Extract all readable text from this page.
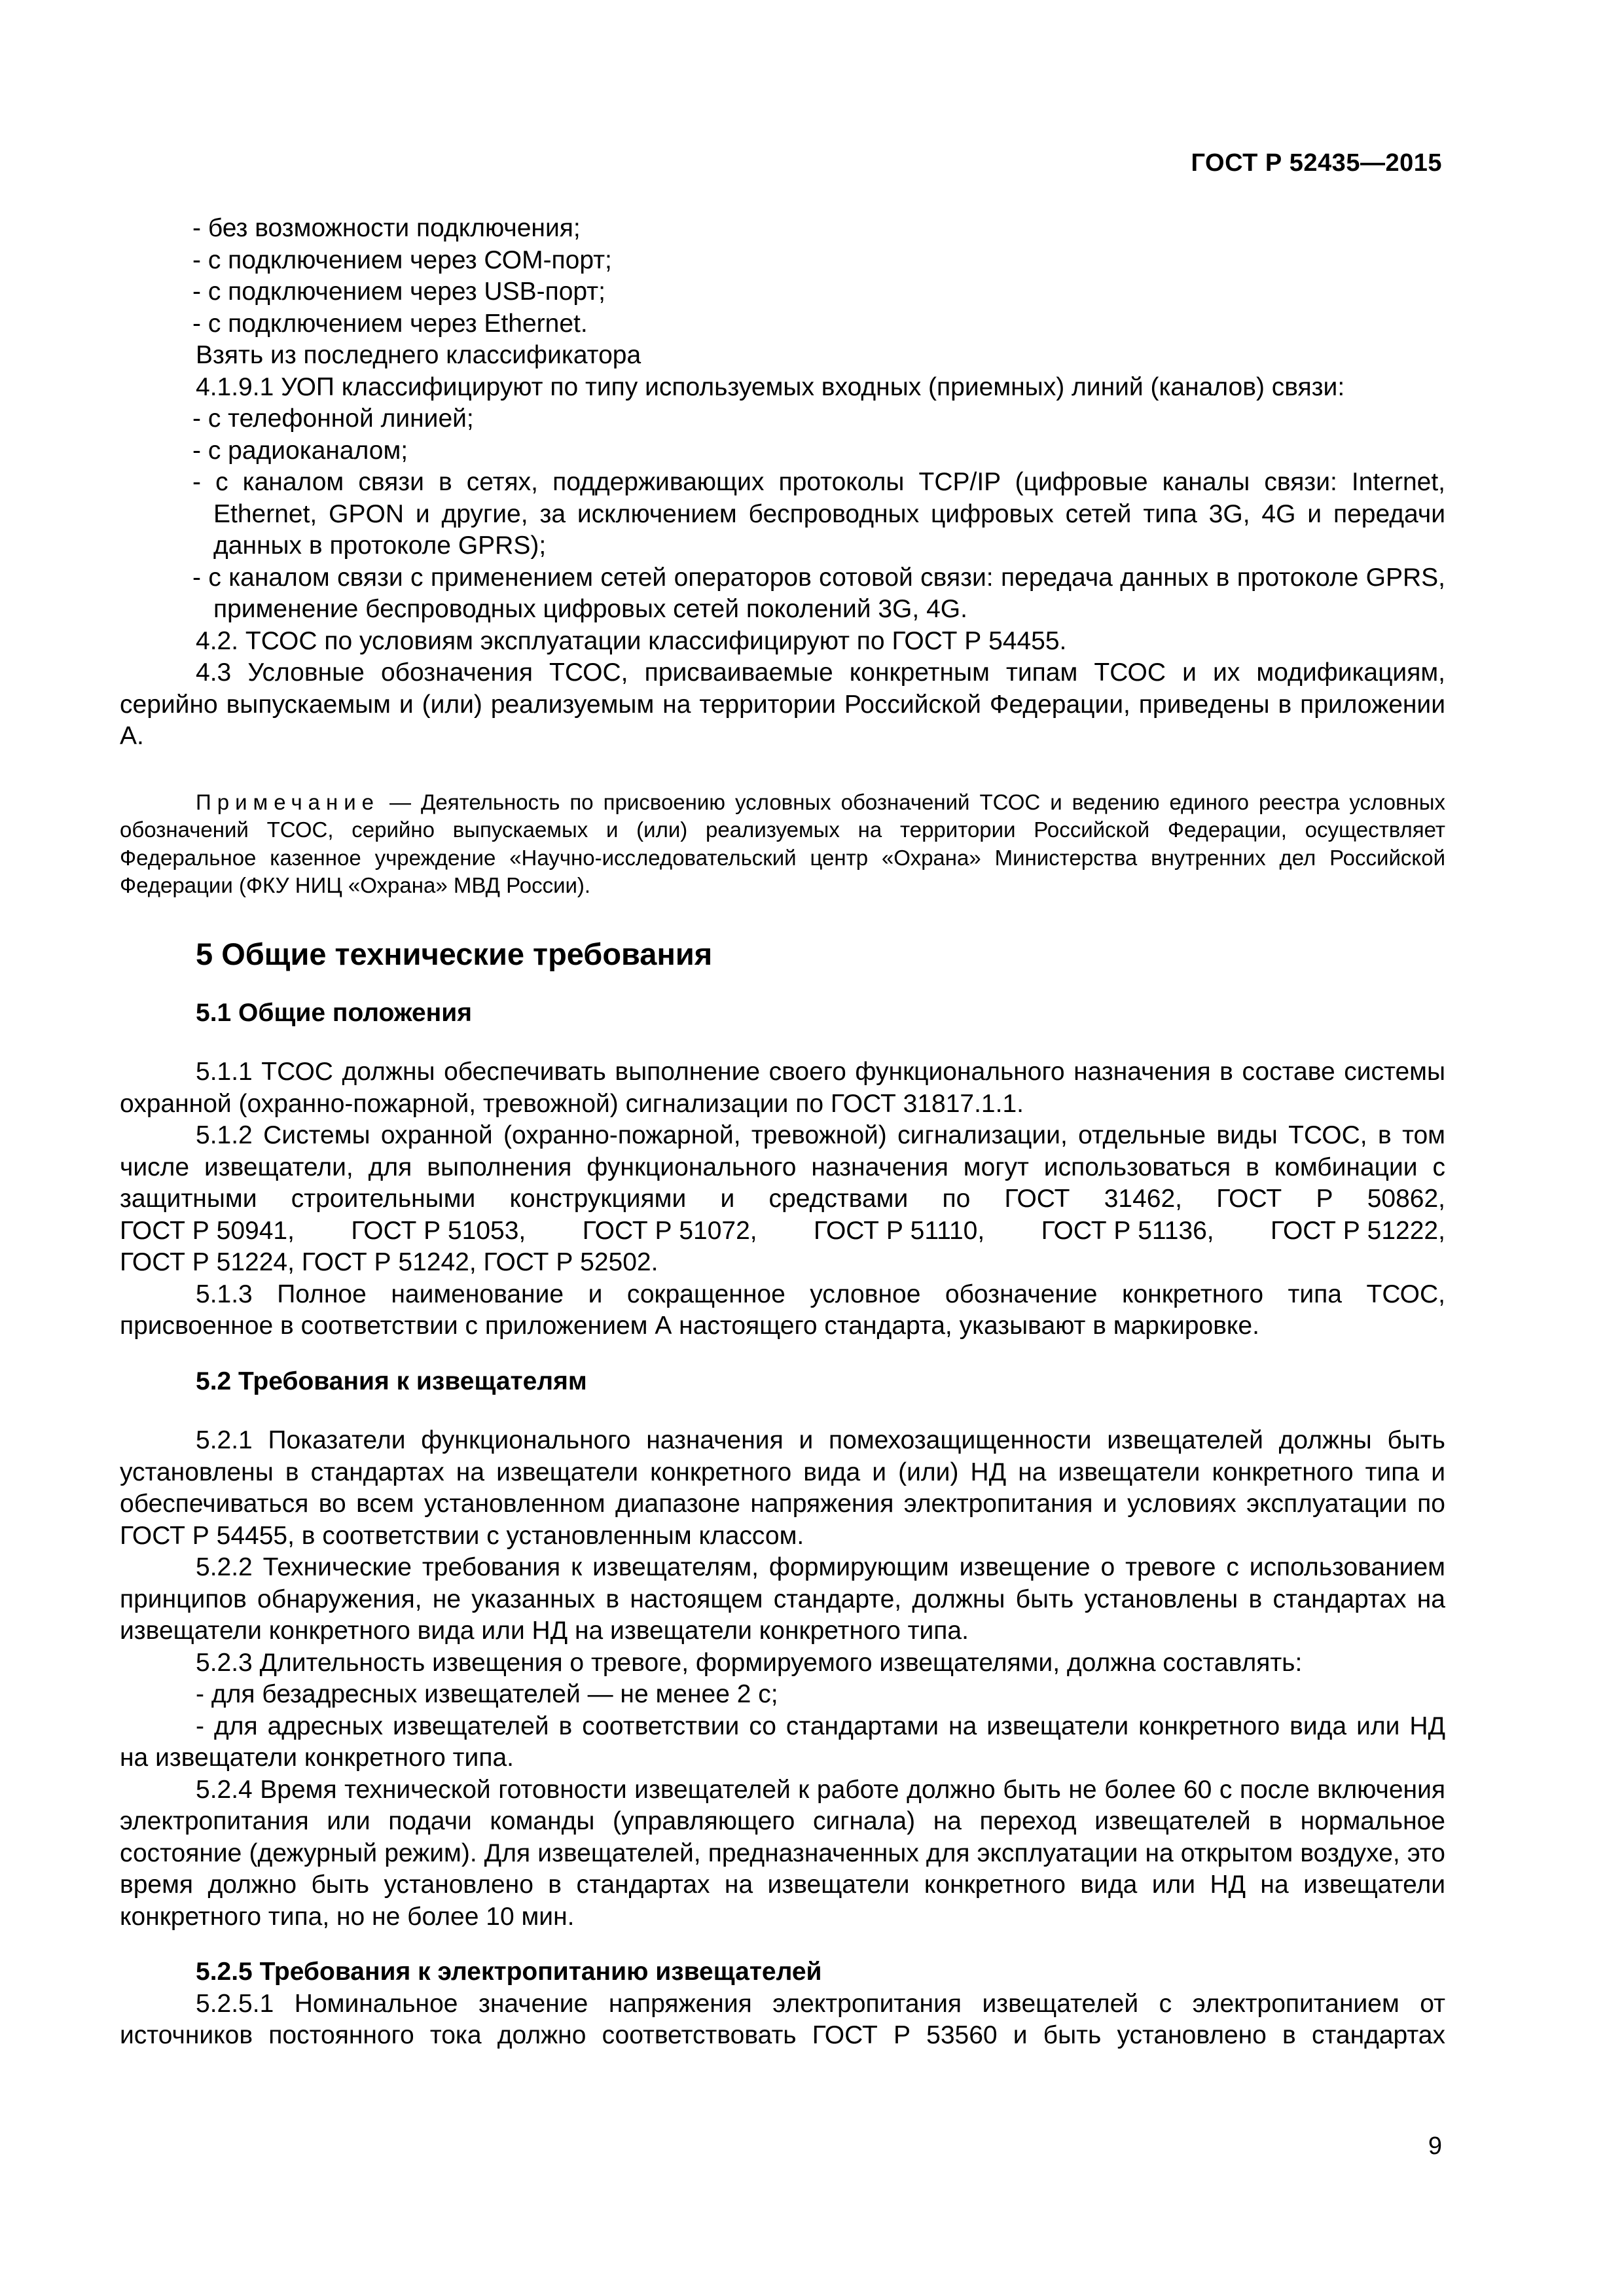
ГОСТ Р 52435—2015

- без возможности подключения;

- с подключением через СОМ-порт;

- с подключением через USB-порт;

- с подключением через Ethernet.

Взять из последнего классификатора

4.1.9.1 УОП классифицируют по типу используемых входных (приемных) линий (каналов) связи:

- с телефонной линией;

- с радиоканалом;

- с каналом связи в сетях, поддерживающих протоколы TCP/IP (цифровые каналы связи: Internet, Ethernet, GPON и другие, за исключением беспроводных цифровых сетей типа 3G, 4G и передачи данных в протоколе GPRS);

- с каналом связи с применением сетей операторов сотовой связи: передача данных в протоколе GPRS, применение беспроводных цифровых сетей поколений 3G, 4G.

4.2. ТСОС по условиям эксплуатации классифицируют по ГОСТ Р 54455.

4.3 Условные обозначения ТСОС, присваиваемые конкретным типам ТСОС и их модификациям, серийно выпускаемым и (или) реализуемым на территории Российской Федерации, приведены в приложении А.

Примечание — Деятельность по присвоению условных обозначений ТСОС и ведению единого реестра условных обозначений ТСОС, серийно выпускаемых и (или) реализуемых на территории Российской Федерации, осуществляет Федеральное казенное учреждение «Научно-исследовательский центр «Охрана» Министерства внутренних дел Российской Федерации (ФКУ НИЦ «Охрана» МВД России).

5 Общие технические требования
5.1 Общие положения

5.1.1 ТСОС должны обеспечивать выполнение своего функционального назначения в составе системы охранной (охранно-пожарной, тревожной) сигнализации по ГОСТ 31817.1.1.

5.1.2 Системы охранной (охранно-пожарной, тревожной) сигнализации, отдельные виды ТСОС, в том числе извещатели, для выполнения функционального назначения могут использоваться в комбинации с защитными строительными конструкциями и средствами по ГОСТ 31462, ГОСТ Р 50862,

ГОСТ Р 50941, ГОСТ Р 51053, ГОСТ Р 51072, ГОСТ Р 51110, ГОСТ Р 51136, ГОСТ Р 51222,

ГОСТ Р 51224, ГОСТ Р 51242, ГОСТ Р 52502.

5.1.3 Полное наименование и сокращенное условное обозначение конкретного типа ТСОС, присвоенное в соответствии с приложением А настоящего стандарта, указывают в маркировке.

5.2 Требования к извещателям

5.2.1 Показатели функционального назначения и помехозащищенности извещателей должны быть установлены в стандартах на извещатели конкретного вида и (или) НД на извещатели конкретного типа и обеспечиваться во всем установленном диапазоне напряжения электропитания и условиях эксплуатации по ГОСТ Р 54455, в соответствии с установленным классом.

5.2.2 Технические требования к извещателям, формирующим извещение о тревоге с использованием принципов обнаружения, не указанных в настоящем стандарте, должны быть установлены в стандартах на извещатели конкретного вида или НД на извещатели конкретного типа.

5.2.3 Длительность извещения о тревоге, формируемого извещателями, должна составлять:

- для безадресных извещателей — не менее 2 с;

- для адресных извещателей в соответствии со стандартами на извещатели конкретного вида или НД на извещатели конкретного типа.

5.2.4 Время технической готовности извещателей к работе должно быть не более 60 с после включения электропитания или подачи команды (управляющего сигнала) на переход извещателей в нормальное состояние (дежурный режим). Для извещателей, предназначенных для эксплуатации на открытом воздухе, это время должно быть установлено в стандартах на извещатели конкретного вида или НД на извещатели конкретного типа, но не более 10 мин.

5.2.5 Требования к электропитанию извещателей

5.2.5.1 Номинальное значение напряжения электропитания извещателей с электропитанием от источников постоянного тока должно соответствовать ГОСТ Р 53560 и быть установлено в стандартах

9
